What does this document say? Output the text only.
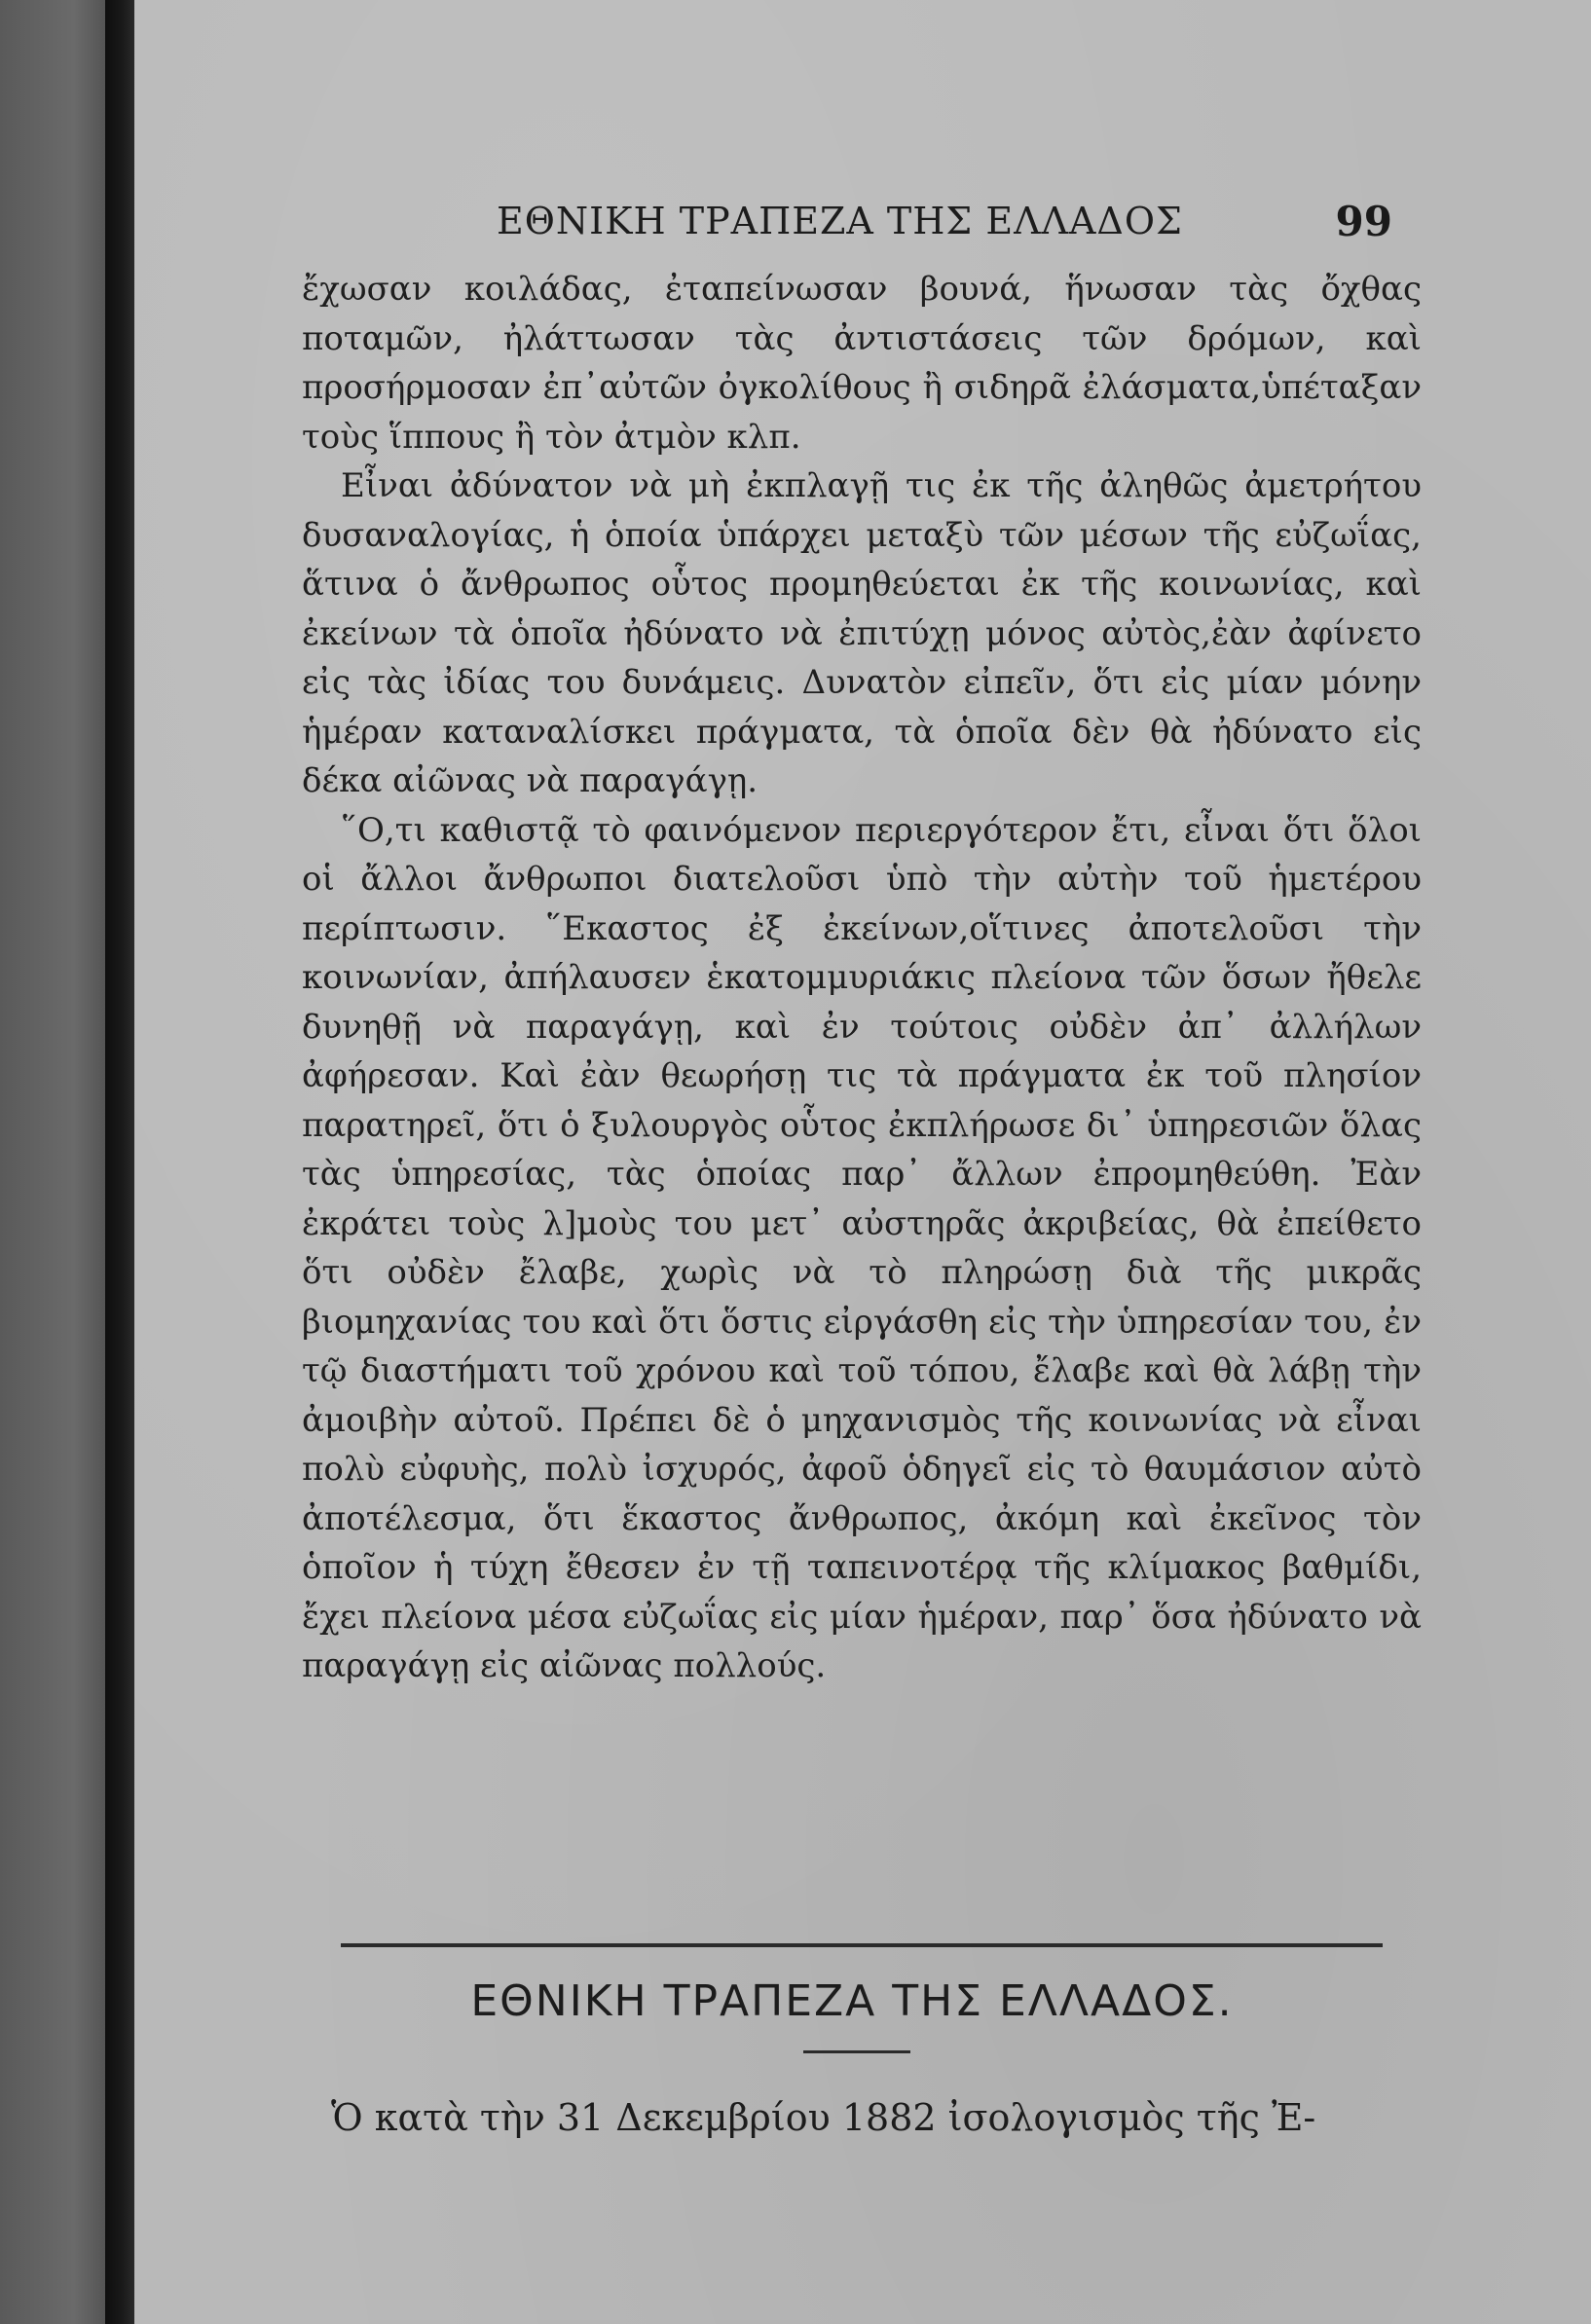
ΕΘΝΙΚΗ ΤΡΑΠΕΖΑ ΤΗΣ ΕΛΛΑΔΟΣ	99

ἔχωσαν κοιλάδας, ἐταπείνωσαν βουνά, ἥνωσαν τὰς ὄχθας ποταμῶν, ἠλάττωσαν τὰς ἀντιστάσεις τῶν δρόμων, καὶ προσήρμοσαν ἐπ᾽αὐτῶν ὀγκολίθους ἢ σιδηρᾶ ἐλάσματα,ὑπέταξαν τοὺς ἵππους ἢ τὸν ἀτμὸν κλπ.

Εἶναι ἀδύνατον νὰ μὴ ἐκπλαγῇ τις ἐκ τῆς ἀληθῶς ἀμετρήτου δυσαναλογίας, ἡ ὁποία ὑπάρχει μεταξὺ τῶν μέσων τῆς εὐζωΐας, ἅτινα ὁ ἄνθρωπος οὗτος προμηθεύεται ἐκ τῆς κοινωνίας, καὶ ἐκείνων τὰ ὁποῖα ἠδύνατο νὰ ἐπιτύχῃ μόνος αὐτὸς,ἐὰν ἀφίνετο εἰς τὰς ἰδίας του δυνάμεις. Δυνατὸν εἰπεῖν, ὅτι εἰς μίαν μόνην ἡμέραν καταναλίσκει πράγματα, τὰ ὁποῖα δὲν θὰ ἠδύνατο εἰς δέκα αἰῶνας νὰ παραγάγῃ.

῞Ο,τι καθιστᾷ τὸ φαινόμενον περιεργότερον ἔτι, εἶναι ὅτι ὅλοι οἱ ἄλλοι ἄνθρωποι διατελοῦσι ὑπὸ τὴν αὐτὴν τοῦ ἡμετέρου περίπτωσιν. ῞Εκαστος ἐξ ἐκείνων,οἵτινες ἀποτελοῦσι τὴν κοινωνίαν, ἀπήλαυσεν ἑκατομμυριάκις πλείονα τῶν ὅσων ἤθελε δυνηθῇ νὰ παραγάγῃ, καὶ ἐν τούτοις οὐδὲν ἀπ᾽ ἀλλήλων ἀφήρεσαν. Καὶ ἐὰν θεωρήσῃ τις τὰ πράγματα ἐκ τοῦ πλησίον παρατηρεῖ, ὅτι ὁ ξυλουργὸς οὗτος ἐκπλήρωσε δι᾽ ὑπηρεσιῶν ὅλας τὰς ὑπηρεσίας, τὰς ὁποίας παρ᾽ ἄλλων ἐπρομηθεύθη. Ἐὰν ἐκράτει τοὺς λ]μοὺς του μετ᾽ αὐστηρᾶς ἀκριβείας, θὰ ἐπείθετο ὅτι οὐδὲν ἔλαβε, χωρὶς νὰ τὸ πληρώσῃ διὰ τῆς μικρᾶς βιομηχανίας του καὶ ὅτι ὅστις εἰργάσθη εἰς τὴν ὑπηρεσίαν του, ἐν τῷ διαστήματι τοῦ χρόνου καὶ τοῦ τόπου, ἔλαβε καὶ θὰ λάβῃ τὴν ἀμοιβὴν αὐτοῦ. Πρέπει δὲ ὁ μηχανισμὸς τῆς κοινωνίας νὰ εἶναι πολὺ εὐφυὴς, πολὺ ἰσχυρός, ἀφοῦ ὁδηγεῖ εἰς τὸ θαυμάσιον αὐτὸ ἀποτέλεσμα, ὅτι ἕκαστος ἄνθρωπος, ἀκόμη καὶ ἐκεῖνος τὸν ὁποῖον ἡ τύχη ἔθεσεν ἐν τῇ ταπεινοτέρᾳ τῆς κλίμακος βαθμίδι, ἔχει πλείονα μέσα εὐζωΐας εἰς μίαν ἡμέραν, παρ᾽ ὅσα ἠδύνατο νὰ παραγάγῃ εἰς αἰῶνας πολλούς.

ΕΘΝΙΚΗ ΤΡΑΠΕΖΑ ΤΗΣ ΕΛΛΑΔΟΣ.
Ὁ κατὰ τὴν 31 Δεκεμβρίου 1882 ἰσολογισμὸς τῆς Ἐ-
